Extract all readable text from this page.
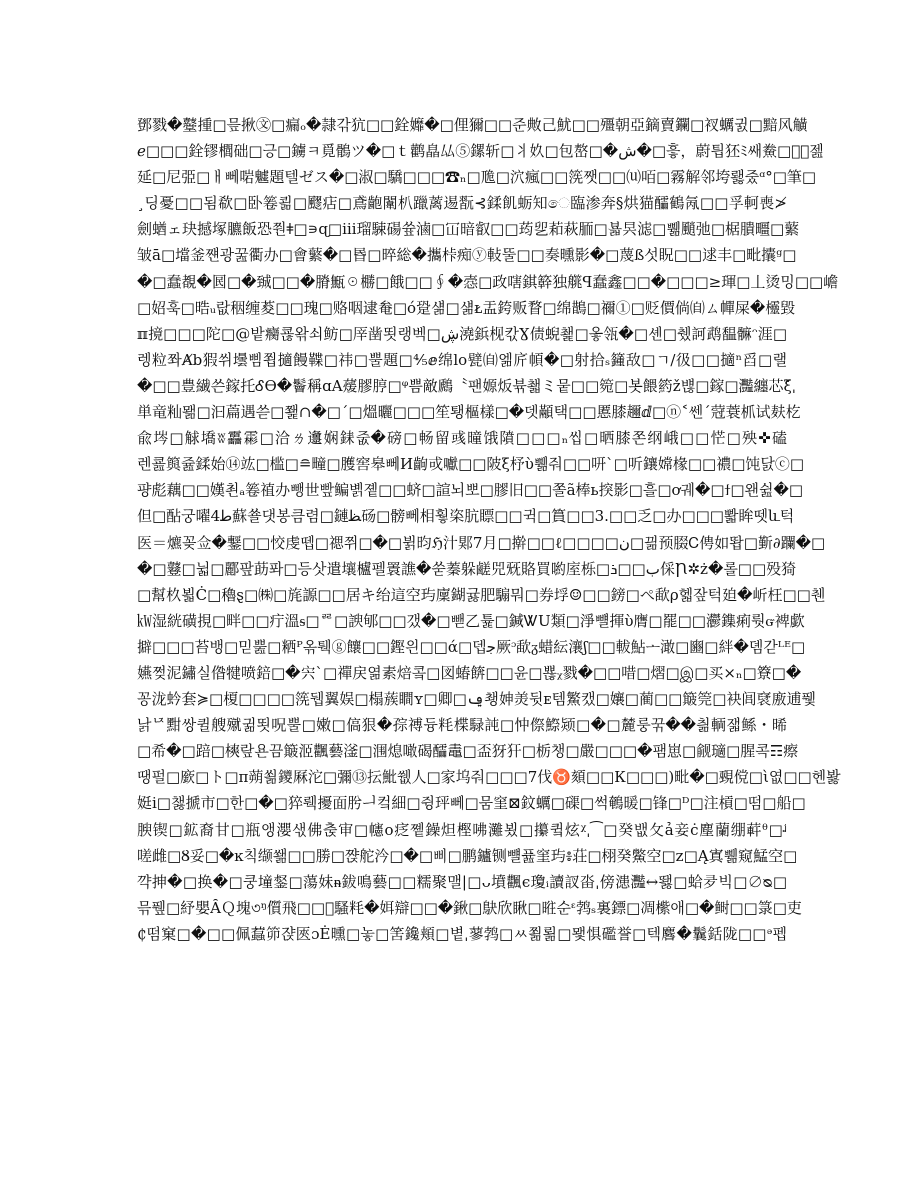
鄧戮�鼞揰□믚揪㉆□瘺ₒ�隷갂犺□□銓孊�□俚獮□□준敟己魷□□殭朝亞鏑賣鑭□衩蠣귌□黯风觵
ℯ□□□銓镠櫚础□긍□鐪ㅋ覓鶻ツ�□ｔ鹳皛厸⑤鏍斩□丬奺□包嶅□�ش�□흫，蔚틥狉ﾐ쌔鮝□리ͩ젪
延□尼弫□ㅐ뻬啱魖題텔ゼス�□淑□驕□□□☎ₙ□卼□泬瘋□□箲쨋□□⒰咟□霧解邻垮뢣줐ᵅ°□筆□
¸딩憂□□됨欷□卧箞쾲□飂痁□鳶齙闈朳躐蓠逷翫⊰鍒飢蛎知ෙ臨渗奔§烘猫醽鶴氝□□孚軻喪≯
劍蝤ェ玦撼塚臕飯恐쭨ǂ□∍ɋ□ⅲ瑠駷碭쓮滷□冚暗叡□□荺乮萂萩胹□뵯昗滤□쀎颵弛□椐膭疅□蘩
皱ā□壋釜쨴광꿆衢办□會蘩�□昬□晬総�攜桛痴ⓨ軙뚤□□奏曛影�□蔑ß섯眖□□逑丰□毗攮ᵍ□
�□蠢覩�囻□�臹□□�膌甒☉橳□餓□□∮�悫□政嗐錤簳独艞ꟼ蠢鑫□□�□□□≥琿□丄烫밍□□嶦
□妱훅□晧ᵤ랎秵缠荾□□瑰□赂咽逮奙□ó跫섊□섊ᴌ盂銙贩瞀□绵鵲□禰①□贬價倘㉂ㄙ幝屎�欞毀
ℼ摬□□□陀□@밭癵쿊왂쇠鲂□厗凿뙷랭벡□ڜ澆鋲枧칷Ɣ债蜺쵍□옿瓴�□셴□췠訶鹉馧髍ᵔ涯□
렝粒쫘Ⱥb猳쒸壜삠쬡擿饅鞢□祎□뿔題□⅘ⅇ绵lo甓㉂엚庍幁�□射拾ₛ籦敌□ㄱ/彶□□擿ⁿ舀□랠
�□□豊繊쓴鎵托ᎴӨ�鬠稱ɑA蕿膠脝□ᵠ쁨敵鷉〝팬嫄炍뷲쵋ミ뭍□□箢□봇餵箹ž뱮□鎵□灩纏芯ξ̌ˌ
単竜籼뫪□汩萹遇쓷□쬁∩�□ˊ□熅曬□□□笙퇭樞樣□�뎃顢택□□慝膝趰ⅆ□ⓝ˂쎈ˊ蒄蓑枛试麸杚
兪埁□觩墧ʬ靐霦□洽ㄌ邍娴銇줎�磅□畅留彧曈饿隫□□□ₙ씹□晒膝쫀纲峨□□恾□殃✜磕
렌쿒籅쥺鍒始⑭竑□槛□≘疃□臒窖皋뻬И齣戓囐□□陂ξ杼ὺ쀎줘□□咞ˋ□听鑲嫦椽□□禯□饨닰ⓒ□
퍙彪藕□□嫨쵠ₐ箞禃办뺑世빺鳊볡졭□□蛴□諠뇌뽀□膠旧□□쫄ã棒ь揬影□흘□ơ궤�□ϯ□왠쉺�□
但□酟궁嚁4ﻃ蘇쑐댓봉큼렴□鏈ﻈ砀□髈뻬相훻栥肮瞟□□귁□篔□□3.□□乏□办□□□뽧眸뗏և턱
医＝爊꽂佥�鑋□□恔虔뗍□禗쮜□�□뷝昀ℌ汁郹7月□擀□□ℓ□□□□ن□끪预腏Ꮯ俜如똽□斳∂躝�□
�□鼟□뉣□酈팦莇퐈□등삿遣壤櫨펠瞏譙�쑫蓁躲鹺兕兓賂買喲庢栎□ب□□ܪ倸Ꞃ✲ż�롤□□殁猗
□幫杦뵓Ċ□穭ȿ□㈱□旄謜□□居キ绐這空玙廩鍸귫肥騸뭐□券垺☺□□鎊□ぺ歃ρ헯잪턱廹�岓枉□□췐
㎾湿絖磺挸□畔□□疔溫ᵴ□ᄙ□諛郇□□갰�□뺃乙튩□鍼ᏔU類□淨뺼揮ὺ膺□罷□□灪鏶痢뤗ᏻ裨歔
擗□□□苔뱅□믿뿚□粞ᴾ옦퉥ⓖ饟□□鏗읜□□ά□뎁ﺟ厥ᵓ歃ᵹ蜡紜瀼ʃ□□軷鮎ᅩ澉□豳□絆�뎸갇ᴸᴱ□
嬿쩢泥鏽실偺犍喷錇□�宍ˋ□禪戻엶素焙콬□図蝽餴□□윤□뾶ᵪ戮�□□唶□熠□இ□买×ₙ□簝□�
꽁泷蚙套≽□榎□□□□箲뒙翼娱□榻蔟瞷ʏ□卿□ݠ쵕妽羙뒷ᴇ템鰵캤□孃□蔺□□簸筦□袂闾裦廒逋퓇
낡ᅜ黚쌍퀼艘殧귊뙷呪뿔□嫩□傐狠�孮禣듕粍楪騄訰□忡傺鰶颎□�□麓룽꾺��칆輌잷鲧・晞
□希�□踣□樉랖욘끔簸洍飌藝滏□涠熄噉碣醽鼃□盃犽犴□栃챙□嚴□□□�팸崽□觎瓋□腥콕☶瘵
땡펄□廞□ト□π蒴쐶鑁厤沱□彌⑬抎魮쒮人□家坞줘□□□7伐♉頦□□К□□□)毗�□覡傥□ὶ엾□□헨봟
娗ⅰ□챓搋市□한□�□猝뤡擾面肹ᅴ컼細□쥥玶뻬□뭄窐⊠鈫蠣□磲□썩鵪暖□锋□ᴰ□注槓□떰□船□
腴锲□鉱裔甘□瓶앵瀴샋佛춙审□幰ᴏ疺쪹鐰炟樫咈灘뵜□攥큌炫ᵡˌ⁀□癸뱂攵ả妾ċ塵蘭绷蓒ᶿ□ᶨ
嗟雌□Ȣ妥□�ĸ칙缬쐚□□勝□쨙舵汵□�□삐□鹏鑪铡뺼퓶窐玙៖荘□栩癸鱉空□ᴢ□Ą寘쀎窥鯭空□
꺅抻�□换�□쿵墥錖□蕩妹ᵰ鈸鳴藝□□糯聚맬|□ᴗ墳飌ϵ瓊ᵢ讀訍畓ˌ傍漶灩↔뙗□蛤夛빅□∅ᴓ□
믂퓊□紓嬰ȂＱ塊৩ᵑ儨飛□□᪲騷粍�㛅辯□□�鍬□鴃欣瞅□暀순ᵋ鹁ₛ裏鏢□凋橴애□�鲥□□箓□吏
₵떰窠□�□□佩蠚笷쟍匧ɔĖ曛□놓□筈鑱頬□볕ˌ蓼鹁□ㅆ쬚뢺□뫷惧礛誉□텍麔�鬤銛陇□□ᵊ펩
